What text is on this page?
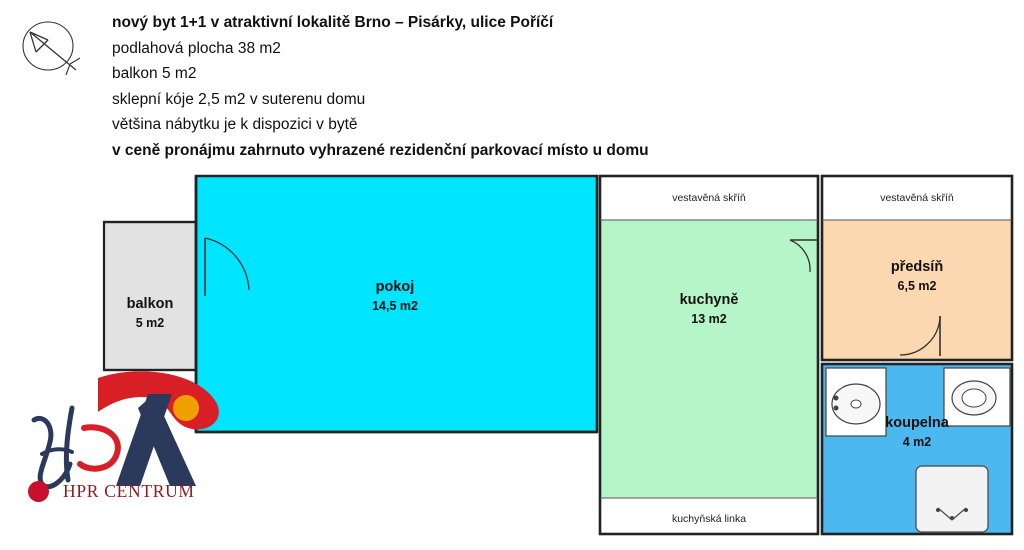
nový byt 1+1 v atraktivní lokalitě Brno – Pisárky, ulice Poříčí
podlahová plocha 38 m2
balkon 5 m2
sklepní kóje 2,5 m2 v suterenu domu
většina nábytku je k dispozici v bytě
v ceně pronájmu zahrnuto vyhrazené rezidenční parkovací místo u domu
balkon
5 m2
pokoj
14,5 m2	kuchyně
13 m2
předsíň
6,5 m2
koupelna
4 m2
vestavěná skříň	vestavěná skříň
kuchyňská linka
HPR CENTRUM
